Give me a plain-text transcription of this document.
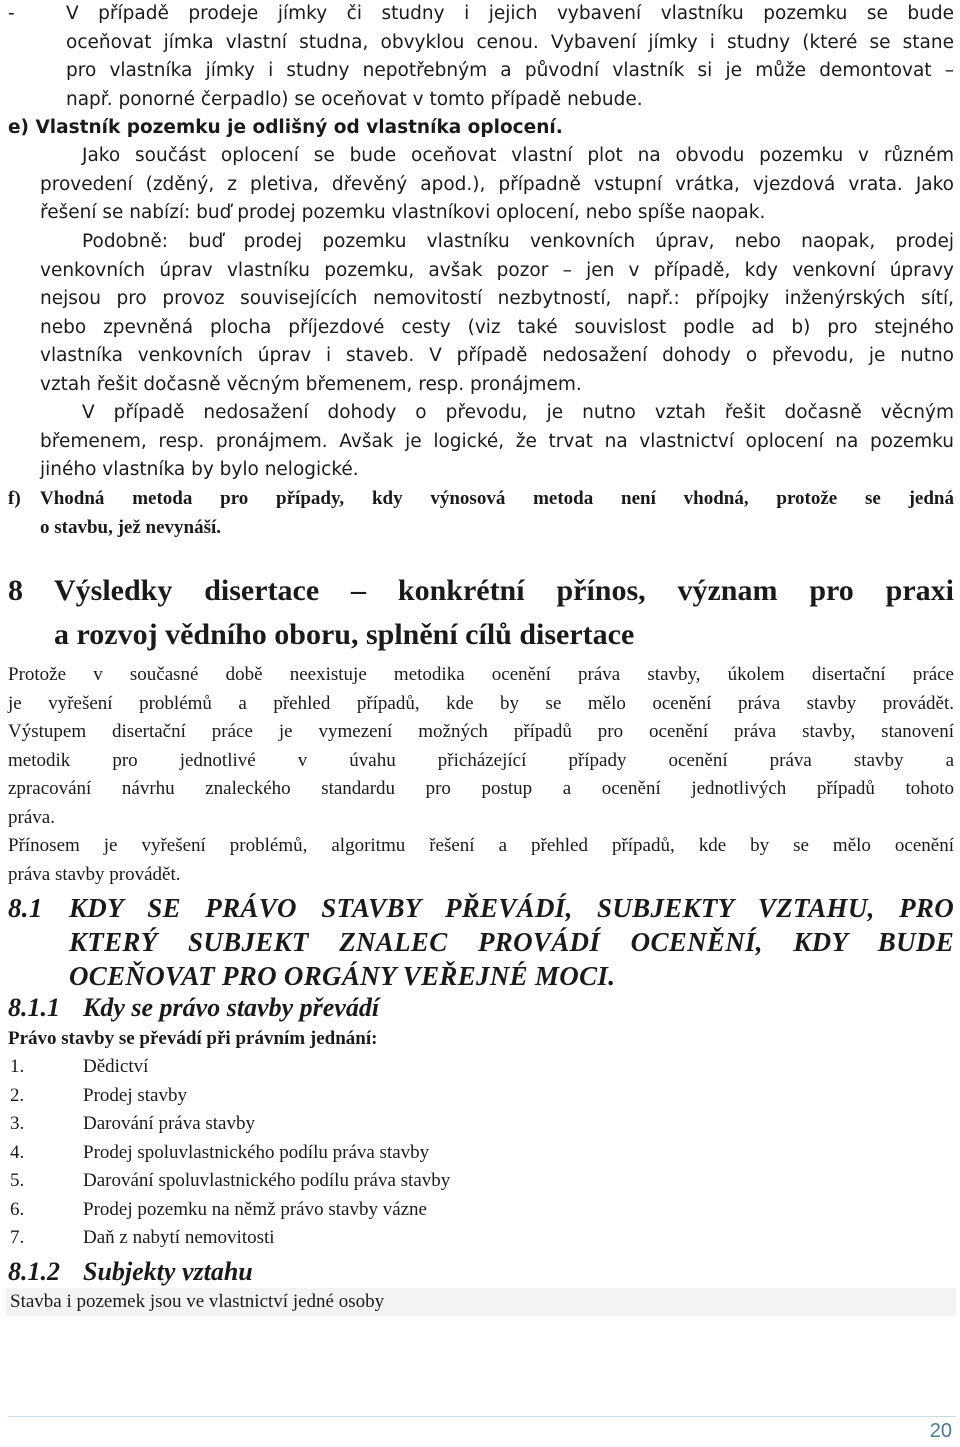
-	V případě prodeje jímky či studny i jejich vybavení vlastníku pozemku se bude
oceňovat jímka vlastní studna, obvyklou cenou. Vybavení jímky i studny (které se stane
pro vlastníka jímky i studny nepotřebným a původní vlastník si je může demontovat –
např. ponorné čerpadlo) se oceňovat v tomto případě nebude.
e) Vlastník pozemku je odlišný od vlastníka oplocení.
Jako součást oplocení se bude oceňovat vlastní plot na obvodu pozemku v různém
provedení (zděný, z pletiva, dřevěný apod.), případně vstupní vrátka, vjezdová vrata. Jako
řešení se nabízí: buď prodej pozemku vlastníkovi oplocení, nebo spíše naopak.
Podobně: buď prodej pozemku vlastníku venkovních úprav, nebo naopak, prodej
venkovních úprav vlastníku pozemku, avšak pozor – jen v případě, kdy venkovní úpravy
nejsou pro provoz souvisejících nemovitostí nezbytností, např.: přípojky inženýrských sítí,
nebo zpevněná plocha příjezdové cesty (viz také souvislost podle ad b) pro stejného
vlastníka venkovních úprav i staveb. V případě nedosažení dohody o převodu, je nutno
vztah řešit dočasně věcným břemenem, resp. pronájmem.
V případě nedosažení dohody o převodu, je nutno vztah řešit dočasně věcným
břemenem, resp. pronájmem. Avšak je logické, že trvat na vlastnictví oplocení na pozemku
jiného vlastníka by bylo nelogické.
f) Vhodná metoda pro případy, kdy výnosová metoda není vhodná, protože se jedná
o stavbu, jež nevynáší.
8 Výsledky disertace – konkrétní přínos, význam pro praxi
a rozvoj vědního oboru, splnění cílů disertace
Protože v současné době neexistuje metodika ocenění práva stavby, úkolem disertační práce
je vyřešení problémů a přehled případů, kde by se mělo ocenění práva stavby provádět.
Výstupem disertační práce je vymezení možných případů pro ocenění práva stavby, stanovení
metodik pro jednotlivé v úvahu přicházející případy ocenění práva stavby a
zpracování návrhu znaleckého standardu pro postup a ocenění jednotlivých případů tohoto
práva.
Přínosem je vyřešení problémů, algoritmu řešení a přehled případů, kde by se mělo ocenění
práva stavby provádět.
8.1 KDY SE PRÁVO STAVBY PŘEVÁDÍ, SUBJEKTY VZTAHU, PRO
KTERÝ SUBJEKT ZNALEC PROVÁDÍ OCENĚNÍ, KDY BUDE
OCEŇOVAT PRO ORGÁNY VEŘEJNÉ MOCI.
8.1.1 Kdy se právo stavby převádí
Právo stavby se převádí při právním jednání:
1.	Dědictví
2.	Prodej stavby
3.	Darování práva stavby
4.	Prodej spoluvlastnického podílu práva stavby
5.	Darování spoluvlastnického podílu práva stavby
6.	Prodej pozemku na němž právo stavby vázne
7.	Daň z nabytí nemovitosti
8.1.2 Subjekty vztahu
Stavba i pozemek jsou ve vlastnictví jedné osoby
20
